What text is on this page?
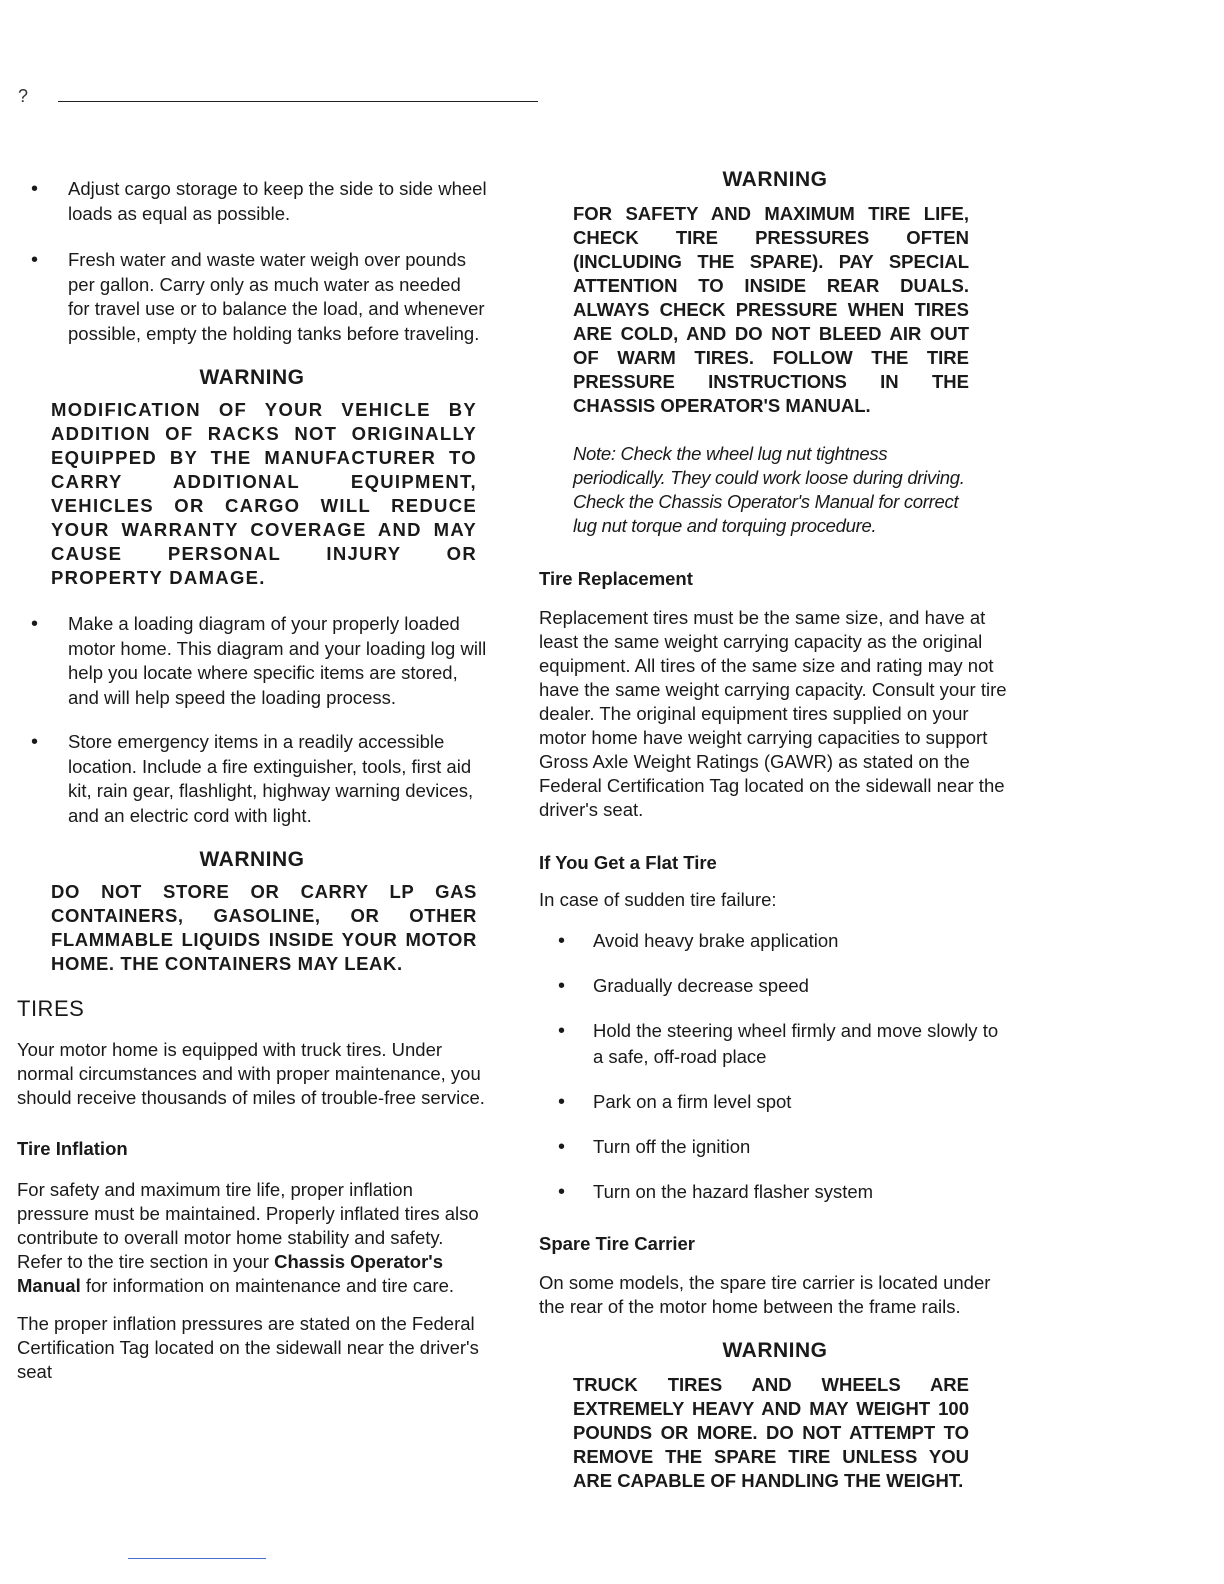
?

• Adjust cargo storage to keep the side to side wheel loads as equal as possible.

• Fresh water and waste water weigh over pounds per gallon. Carry only as much water as needed for travel use or to balance the load, and whenever possible, empty the holding tanks before traveling.

WARNING

MODIFICATION OF YOUR VEHICLE BY ADDITION OF RACKS NOT ORIGINALLY EQUIPPED BY THE MANUFACTURER TO CARRY ADDITIONAL EQUIPMENT, VEHICLES OR CARGO WILL REDUCE YOUR WARRANTY COVERAGE AND MAY CAUSE PERSONAL INJURY OR PROPERTY DAMAGE.

• Make a loading diagram of your properly loaded motor home. This diagram and your loading log will help you locate where specific items are stored, and will help speed the loading process.

• Store emergency items in a readily accessible location. Include a fire extinguisher, tools, first aid kit, rain gear, flashlight, highway warning devices, and an electric cord with light.

WARNING

DO NOT STORE OR CARRY LP GAS CONTAINERS, GASOLINE, OR OTHER FLAMMABLE LIQUIDS INSIDE YOUR MOTOR HOME. THE CONTAINERS MAY LEAK.

TIRES

Your motor home is equipped with truck tires. Under normal circumstances and with proper maintenance, you should receive thousands of miles of trouble-free service.

Tire Inflation

For safety and maximum tire life, proper inflation pressure must be maintained. Properly inflated tires also contribute to overall motor home stability and safety. Refer to the tire section in your Chassis Operator's Manual for information on maintenance and tire care.

The proper inflation pressures are stated on the Federal Certification Tag located on the sidewall near the driver's seat

WARNING

FOR SAFETY AND MAXIMUM TIRE LIFE, CHECK TIRE PRESSURES OFTEN (INCLUDING THE SPARE). PAY SPECIAL ATTENTION TO INSIDE REAR DUALS. ALWAYS CHECK PRESSURE WHEN TIRES ARE COLD, AND DO NOT BLEED AIR OUT OF WARM TIRES. FOLLOW THE TIRE PRESSURE INSTRUCTIONS IN THE CHASSIS OPERATOR'S MANUAL.

Note: Check the wheel lug nut tightness periodically. They could work loose during driving. Check the Chassis Operator's Manual for correct lug nut torque and torquing procedure.

Tire Replacement

Replacement tires must be the same size, and have at least the same weight carrying capacity as the original equipment. All tires of the same size and rating may not have the same weight carrying capacity. Consult your tire dealer. The original equipment tires supplied on your motor home have weight carrying capacities to support Gross Axle Weight Ratings (GAWR) as stated on the Federal Certification Tag located on the sidewall near the driver's seat.

If You Get a Flat Tire

In case of sudden tire failure:

• Avoid heavy brake application

• Gradually decrease speed

• Hold the steering wheel firmly and move slowly to a safe, off-road place

• Park on a firm level spot

• Turn off the ignition

• Turn on the hazard flasher system

Spare Tire Carrier

On some models, the spare tire carrier is located under the rear of the motor home between the frame rails.

WARNING

TRUCK TIRES AND WHEELS ARE EXTREMELY HEAVY AND MAY WEIGHT 100 POUNDS OR MORE. DO NOT ATTEMPT TO REMOVE THE SPARE TIRE UNLESS YOU ARE CAPABLE OF HANDLING THE WEIGHT.
